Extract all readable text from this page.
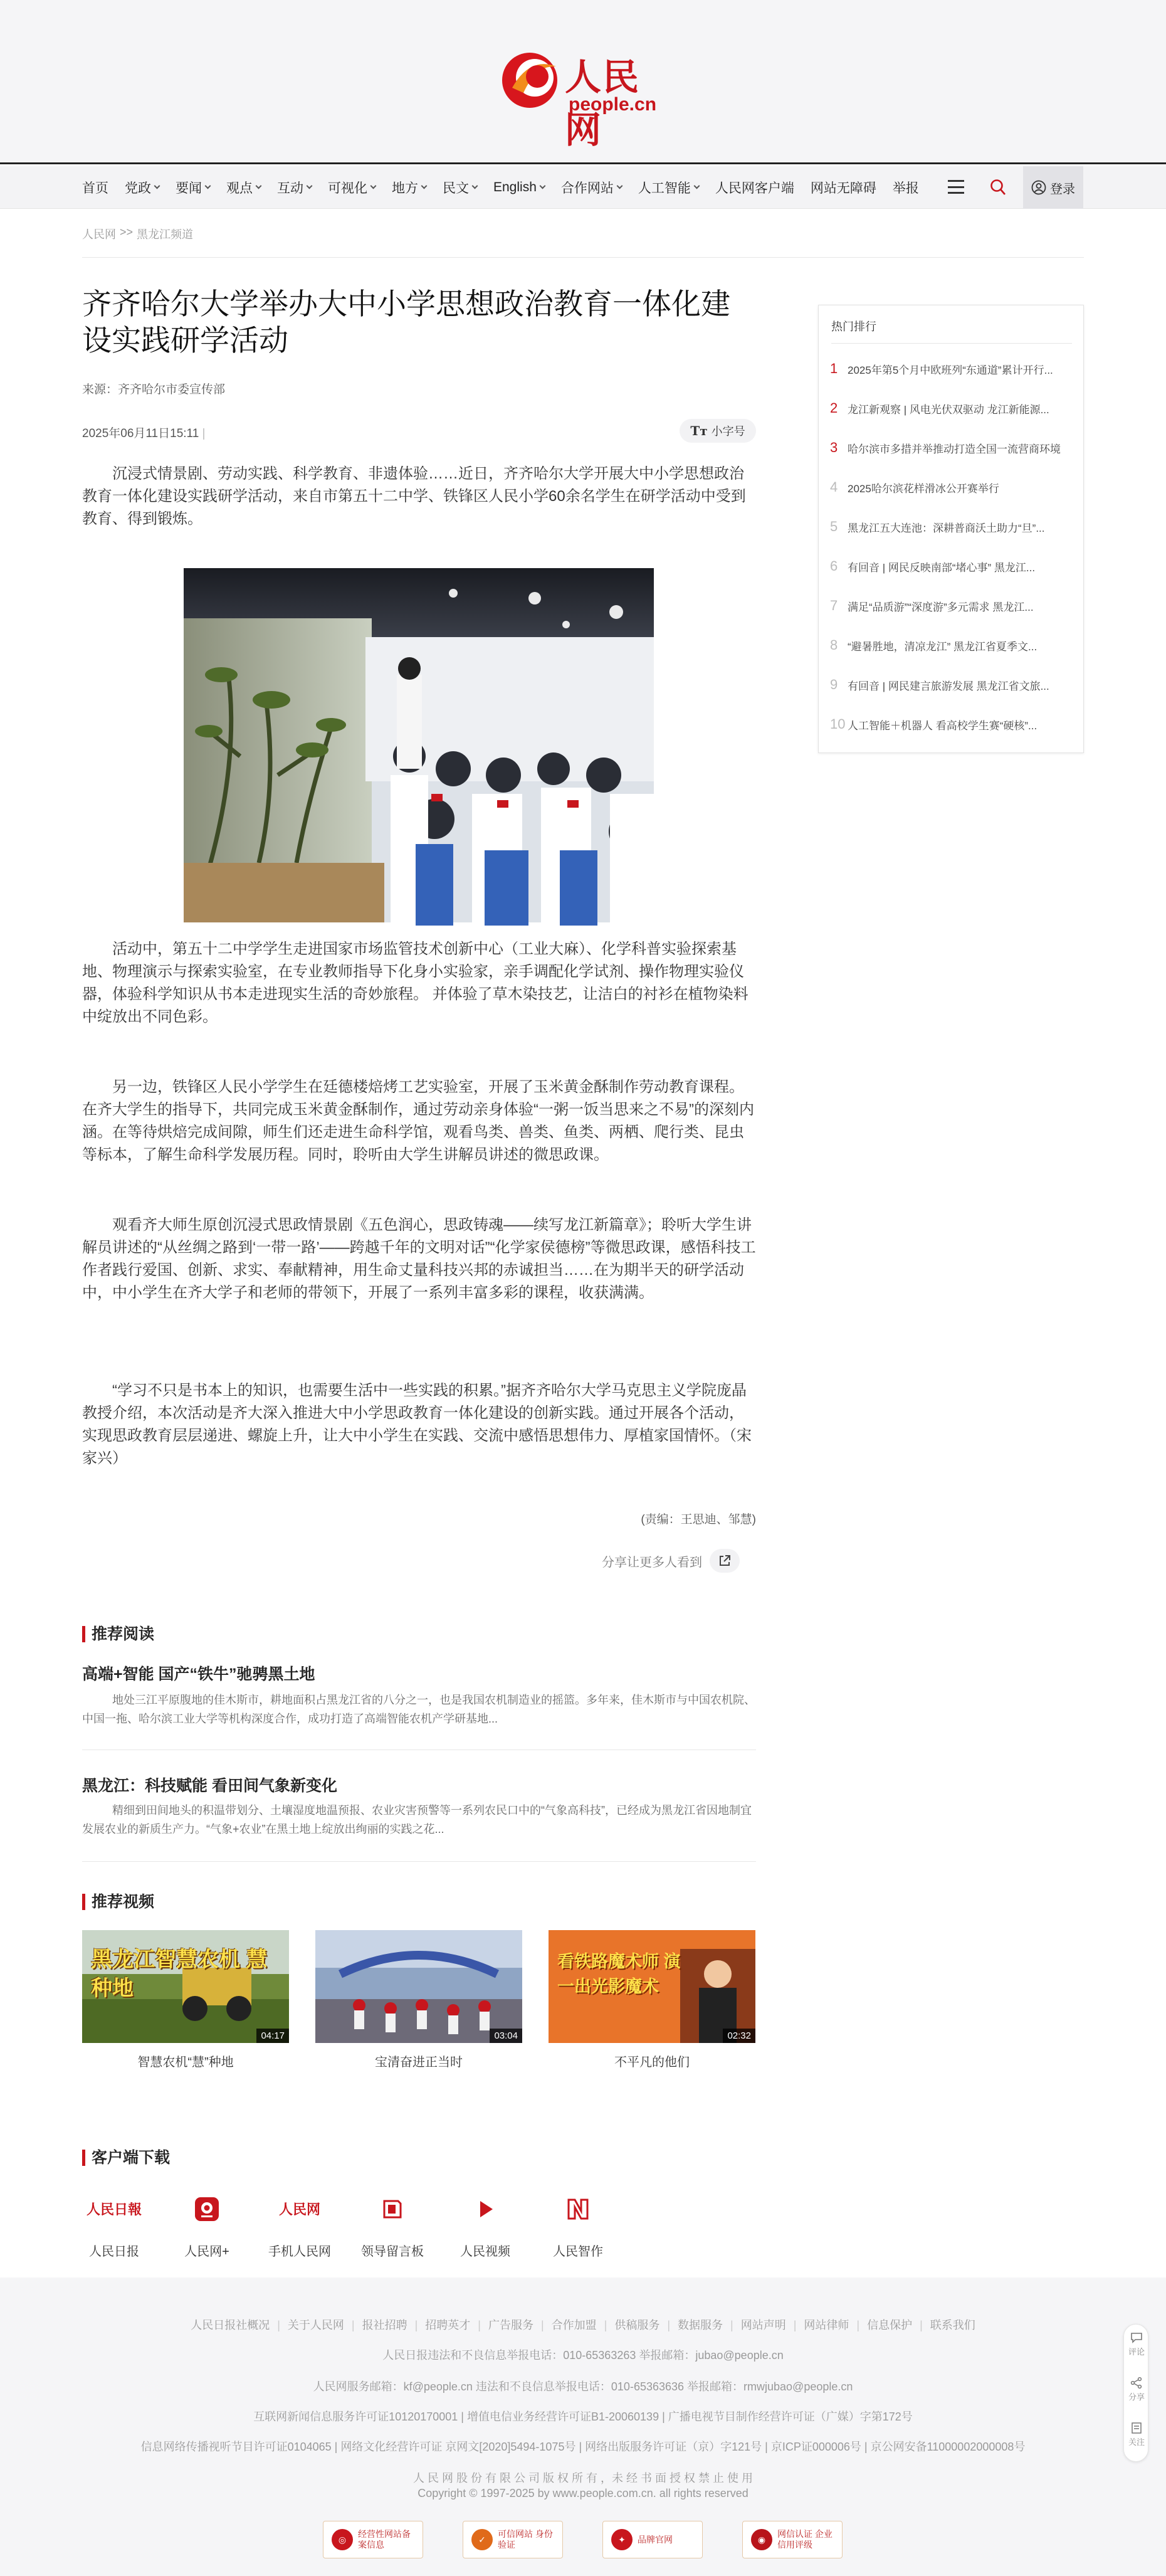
人民网
people.cn
首页 党政 要闻 观点 互动 可视化 地方 民文 English 合作网站 人工智能 人民网客户端 网站无障碍 举报	登录
人民网 >> 黑龙江频道
齐齐哈尔大学举办大中小学思想政治教育一体化建设实践研学活动
来源：齐齐哈尔市委宣传部
2025年06月11日15:11 |	Tт 小字号

沉浸式情景剧、劳动实践、科学教育、非遗体验……近日，齐齐哈尔大学开展大中小学思想政治教育一体化建设实践研学活动，来自市第五十二中学、铁锋区人民小学60余名学生在研学活动中受到教育、得到锻炼。

活动中，第五十二中学学生走进国家市场监管技术创新中心（工业大麻）、化学科普实验探索基地、物理演示与探索实验室，在专业教师指导下化身小实验家，亲手调配化学试剂、操作物理实验仪器，体验科学知识从书本走进现实生活的奇妙旅程。 并体验了草木染技艺，让洁白的衬衫在植物染料中绽放出不同色彩。

另一边，铁锋区人民小学学生在廷德楼焙烤工艺实验室，开展了玉米黄金酥制作劳动教育课程。在齐大学生的指导下，共同完成玉米黄金酥制作，通过劳动亲身体验“一粥一饭当思来之不易”的深刻内涵。在等待烘焙完成间隙，师生们还走进生命科学馆，观看鸟类、兽类、鱼类、两栖、爬行类、昆虫等标本，了解生命科学发展历程。同时，聆听由大学生讲解员讲述的微思政课。

观看齐大师生原创沉浸式思政情景剧《五色润心，思政铸魂——续写龙江新篇章》；聆听大学生讲解员讲述的“从丝绸之路到‘一带一路’——跨越千年的文明对话”“化学家侯德榜”等微思政课，感悟科技工作者践行爱国、创新、求实、奉献精神，用生命丈量科技兴邦的赤诚担当……在为期半天的研学活动中，中小学生在齐大学子和老师的带领下，开展了一系列丰富多彩的课程，收获满满。

“学习不只是书本上的知识，也需要生活中一些实践的积累。”据齐齐哈尔大学马克思主义学院庞晶教授介绍，本次活动是齐大深入推进大中小学思政教育一体化建设的创新实践。通过开展各个活动，实现思政教育层层递进、螺旋上升，让大中小学生在实践、交流中感悟思想伟力、厚植家国情怀。（宋家兴）

(责编：王思迪、邹慧)
分享让更多人看到
推荐阅读
高端+智能 国产“铁牛”驰骋黑土地

地处三江平原腹地的佳木斯市，耕地面积占黑龙江省的八分之一，也是我国农机制造业的摇篮。多年来，佳木斯市与中国农机院、中国一拖、哈尔滨工业大学等机构深度合作，成功打造了高端智能农机产学研基地...

黑龙江：科技赋能 看田间气象新变化

精细到田间地头的积温带划分、土壤湿度地温预报、农业灾害预警等一系列农民口中的“气象高科技”，已经成为黑龙江省因地制宜发展农业的新质生产力。“气象+农业”在黑土地上绽放出绚丽的实践之花...

推荐视频
黑龙江智慧农机 慧种地
04:17
智慧农机“慧”种地
03:04
宝清奋进正当时
看铁路魔术师 演一出光影魔术
02:32
不平凡的他们
客户端下载
人民日報
人民日报	人民网+
人民网
手机人民网 领导留言板	人民视频	人民智作
热门排行
1 2025年第5个月中欧班列“东通道”累计开行...
2 龙江新观察 | 风电光伏双驱动 龙江新能源...
3 哈尔滨市多措并举推动打造全国一流营商环境
4 2025哈尔滨花样滑冰公开赛举行
5 黑龙江五大连池：深耕普商沃土助力“旦”...
6 有回音 | 网民反映南部“堵心事” 黑龙江...
7 满足“品质游”“深度游”多元需求 黑龙江...
8 “避暑胜地，清凉龙江” 黑龙江省夏季文...
9 有回音 | 网民建言旅游发展 黑龙江省文旅...
10 人工智能＋机器人 看高校学生赛“硬核”...
人民日报社概况 | 关于人民网 | 报社招聘 | 招聘英才 | 广告服务 | 合作加盟 | 供稿服务 | 数据服务 | 网站声明 | 网站律师 | 信息保护 | 联系我们
人民日报违法和不良信息举报电话：010-65363263 举报邮箱：jubao@people.cn
人民网服务邮箱：kf@people.cn 违法和不良信息举报电话：010-65363636 举报邮箱：rmwjubao@people.cn
互联网新闻信息服务许可证10120170001 | 增值电信业务经营许可证B1-20060139 | 广播电视节目制作经营许可证（广媒）字第172号
信息网络传播视听节目许可证0104065 | 网络文化经营许可证 京网文[2020]5494-1075号 | 网络出版服务许可证（京）字121号 | 京ICP证000006号 | 京公网安备11000002000008号
人 民 网 股 份 有 限 公 司 版 权 所 有 ，未 经 书 面 授 权 禁 止 使 用
Copyright © 1997-2025 by www.people.com.cn. all rights reserved
◎
经营性网站备案信息
✓
可信网站 身份验证
✦	品牌官网	◉
网信认证 企业信用评级
评论
分享
关注
